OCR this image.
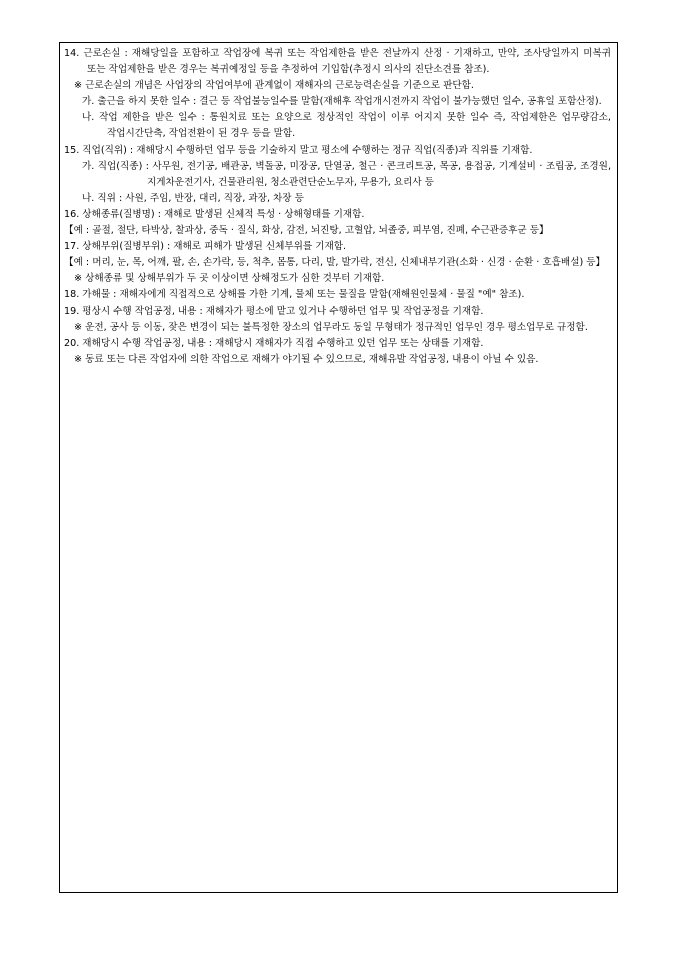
14. 근로손실 : 재해당일을 포함하고 작업장에 복귀 또는 작업제한을 받은 전날까지 산정 · 기재하고, 만약, 조사당일까지 미복귀 또는 작업제한을 받은 경우는 복귀예정일 등을 추정하여 기입함(추정시 의사의 진단소견를 참조).
※ 근로손실의 개념은 사업장의 작업여부에 관계없이 재해자의 근로능력손실을 기준으로 판단함.
가. 출근을 하지 못한 일수 : 결근 등 작업불능일수를 말함(재해후 작업개시전까지 작업이 불가능했던 일수, 공휴일 포함산정).
나. 작업 제한을 받은 일수 : 통원치료 또는 요양으로 정상적인 작업이 이루 어지지 못한 일수 즉, 작업제한은 업무량감소, 작업시간단축, 작업전환이 된 경우 등을 말함.
15. 직업(직위) : 재해당시 수행하던 업무 등을 기술하지 말고 평소에 수행하는 정규 직업(직종)과 직위를 기재함.
가. 직업(직종) : 사무원, 전기공, 배관공, 벽돌공, 미장공, 단열공, 철근 · 콘크리트공, 목공, 용접공, 기계설비 · 조립공, 조경원, 지게차운전기사, 건물관리원, 청소관련단순노무자, 무용가, 요리사 등
나. 직위 : 사원, 주임, 반장, 대리, 직장, 과장, 차장 등
16. 상해종류(질병명) : 재해로 발생된 신체적 특성 · 상해형태를 기재함.
【예 : 골절, 절단, 타박상, 찰과상, 중독 · 질식, 화상, 감전, 뇌진탕, 고혈압, 뇌졸중, 피부염, 진폐, 수근관증후군 등】
17. 상해부위(질병부위) : 재해로 피해가 발생된 신체부위를 기재함.
【예 : 머리, 눈, 목, 어깨, 팔, 손, 손가락, 등, 척추, 몸통, 다리, 발, 발가락, 전신, 신체내부기관(소화 · 신경 · 순환 · 호흡배설) 등】
※ 상해종류 및 상해부위가 두 곳 이상이면 상해정도가 심한 것부터 기재함.
18. 가해물 : 재해자에게 직접적으로 상해를 가한 기계, 물체 또는 물질을 말함(재해원인물체 · 물질 "예" 참조).
19. 평상시 수행 작업공정, 내용 : 재해자가 평소에 맡고 있거나 수행하던 업무 및 작업공정을 기재함.
※ 운전, 공사 등 이동, 잦은 변경이 되는 불특정한 장소의 업무라도 동일 무형태가 정규적인 업무인 경우 평소업무로 규정함.
20. 재해당시 수행 작업공정, 내용 : 재해당시 재해자가 직접 수행하고 있던 업무 또는 상태를 기재함.
※ 동료 또는 다른 작업자에 의한 작업으로 재해가 야기될 수 있으므로, 재해유발 작업공정, 내용이 아닐 수 있음.
